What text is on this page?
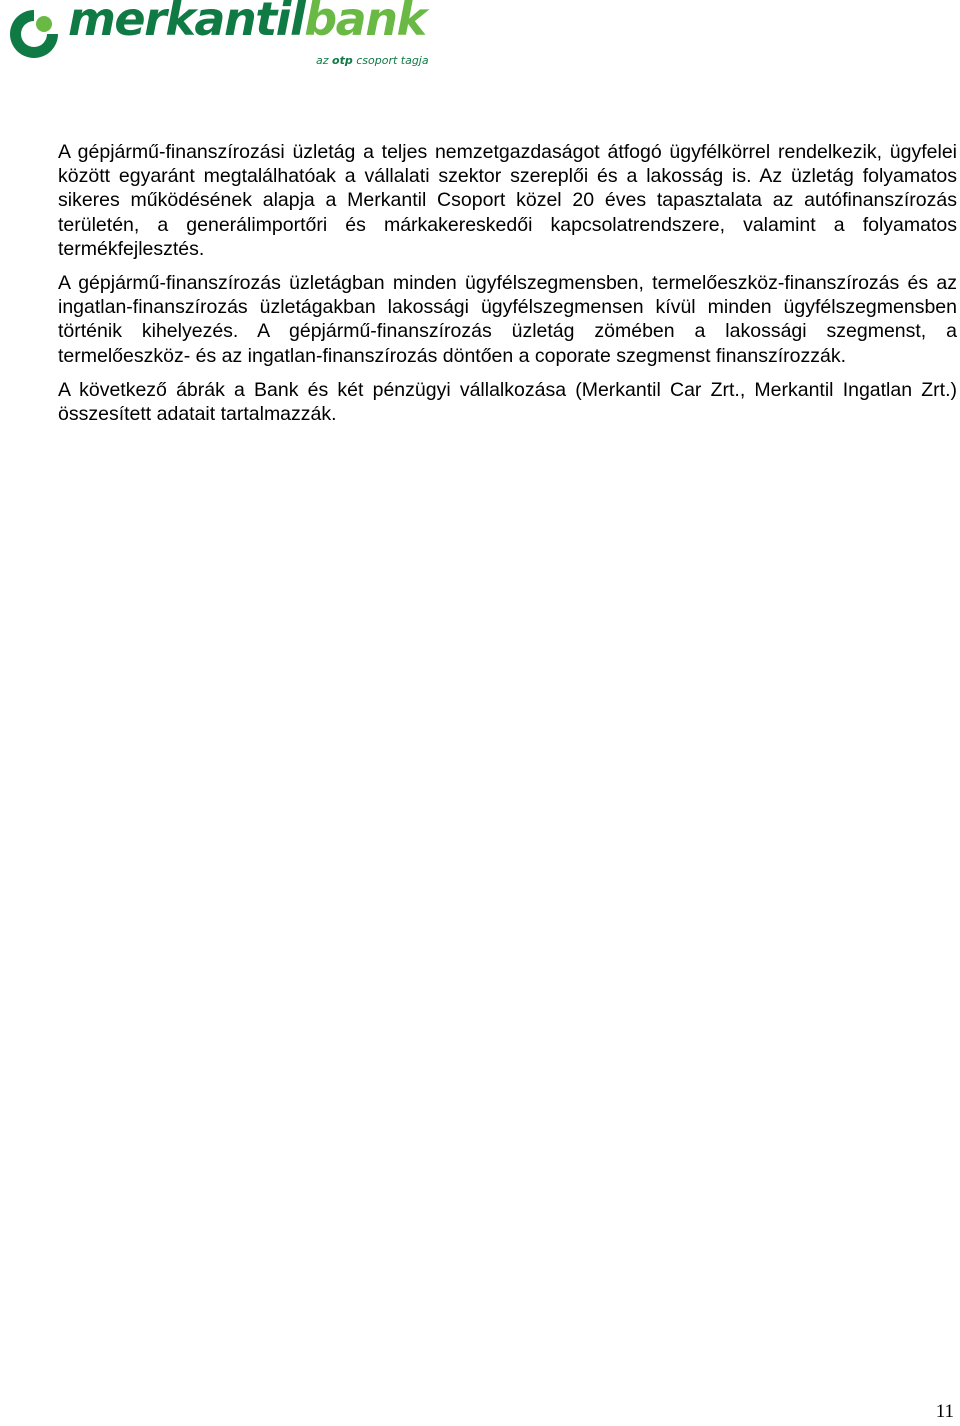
merkantilbank
az otp csoport tagja

A gépjármű-finanszírozási üzletág a teljes nemzetgazdaságot átfogó ügyfélkörrel rendelkezik, ügyfelei között egyaránt megtalálhatóak a vállalati szektor szereplői és a lakosság is. Az üzletág folyamatos sikeres működésének alapja a Merkantil Csoport közel 20 éves tapasztalata az autófinanszírozás területén, a generálimportőri és márkakereskedői kapcsolatrendszere, valamint a folyamatos termékfejlesztés.

A gépjármű-finanszírozás üzletágban minden ügyfélszegmensben, termelőeszköz-finanszírozás és az ingatlan-finanszírozás üzletágakban lakossági ügyfélszegmensen kívül minden ügyfélszegmensben történik kihelyezés. A gépjármű-finanszírozás üzletág zömében a lakossági szegmenst, a termelőeszköz- és az ingatlan-finanszírozás döntően a coporate szegmenst finanszírozzák.

A következő ábrák a Bank és két pénzügyi vállalkozása (Merkantil Car Zrt., Merkantil Ingatlan Zrt.) összesített adatait tartalmazzák.

11
